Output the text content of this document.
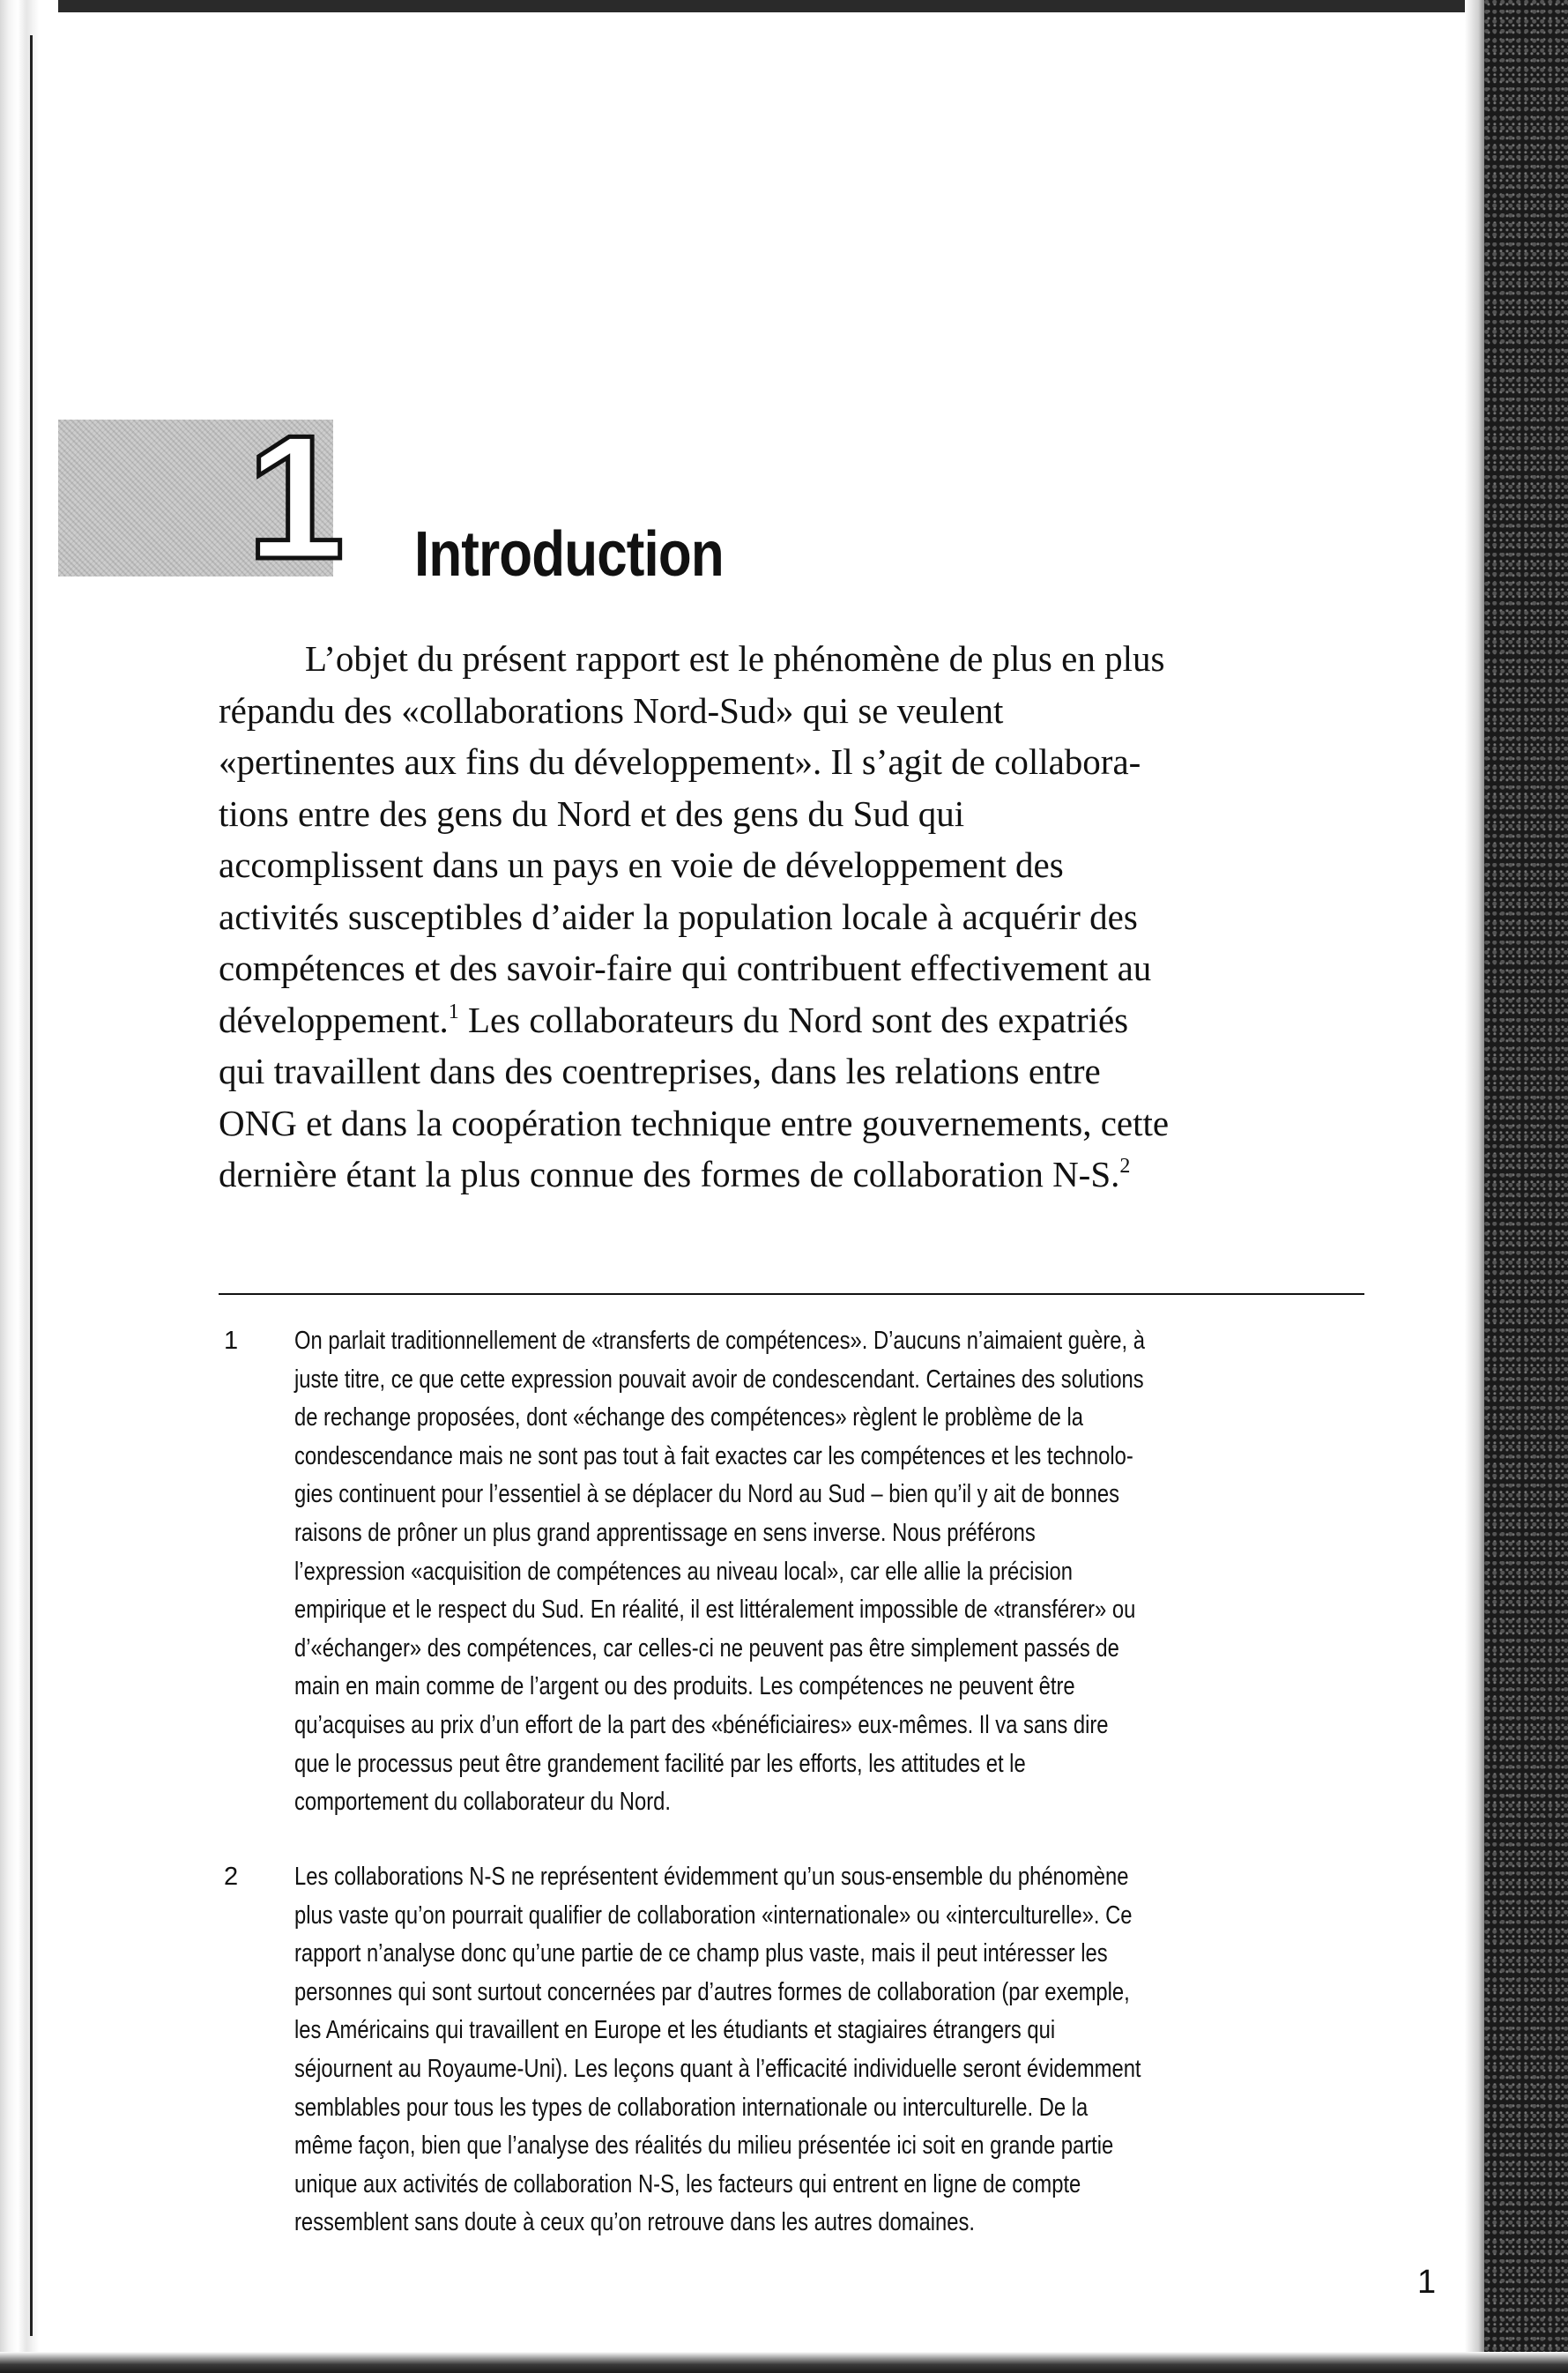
1 Introduction
L’objet du présent rapport est le phénomène de plus en plus
répandu des «collaborations Nord-Sud» qui se veulent
«pertinentes aux fins du développement». Il s’agit de collabora-
tions entre des gens du Nord et des gens du Sud qui
accomplissent dans un pays en voie de développement des
activités susceptibles d’aider la population locale à acquérir des
compétences et des savoir-faire qui contribuent effectivement au
développement.$^1$ Les collaborateurs du Nord sont des expatriés
qui travaillent dans des coentreprises, dans les relations entre
ONG et dans la coopération technique entre gouvernements, cette
dernière étant la plus connue des formes de collaboration N-S.$^2$
1 On parlait traditionnellement de «transferts de compétences». D’aucuns n’aimaient guère, à
juste titre, ce que cette expression pouvait avoir de condescendant. Certaines des solutions
de rechange proposées, dont «échange des compétences» règlent le problème de la
condescendance mais ne sont pas tout à fait exactes car les compétences et les technolo-
gies continuent pour l’essentiel à se déplacer du Nord au Sud – bien qu’il y ait de bonnes
raisons de prôner un plus grand apprentissage en sens inverse. Nous préférons
l’expression «acquisition de compétences au niveau local», car elle allie la précision
empirique et le respect du Sud. En réalité, il est littéralement impossible de «transférer» ou
d’«échanger» des compétences, car celles-ci ne peuvent pas être simplement passés de
main en main comme de l’argent ou des produits. Les compétences ne peuvent être
qu’acquises au prix d’un effort de la part des «bénéficiaires» eux-mêmes. Il va sans dire
que le processus peut être grandement facilité par les efforts, les attitudes et le
comportement du collaborateur du Nord.
2 Les collaborations N-S ne représentent évidemment qu’un sous-ensemble du phénomène
plus vaste qu’on pourrait qualifier de collaboration «internationale» ou «interculturelle». Ce
rapport n’analyse donc qu’une partie de ce champ plus vaste, mais il peut intéresser les
personnes qui sont surtout concernées par d’autres formes de collaboration (par exemple,
les Américains qui travaillent en Europe et les étudiants et stagiaires étrangers qui
séjournent au Royaume-Uni). Les leçons quant à l’efficacité individuelle seront évidemment
semblables pour tous les types de collaboration internationale ou interculturelle. De la
même façon, bien que l’analyse des réalités du milieu présentée ici soit en grande partie
unique aux activités de collaboration N-S, les facteurs qui entrent en ligne de compte
ressemblent sans doute à ceux qu’on retrouve dans les autres domaines.
1
